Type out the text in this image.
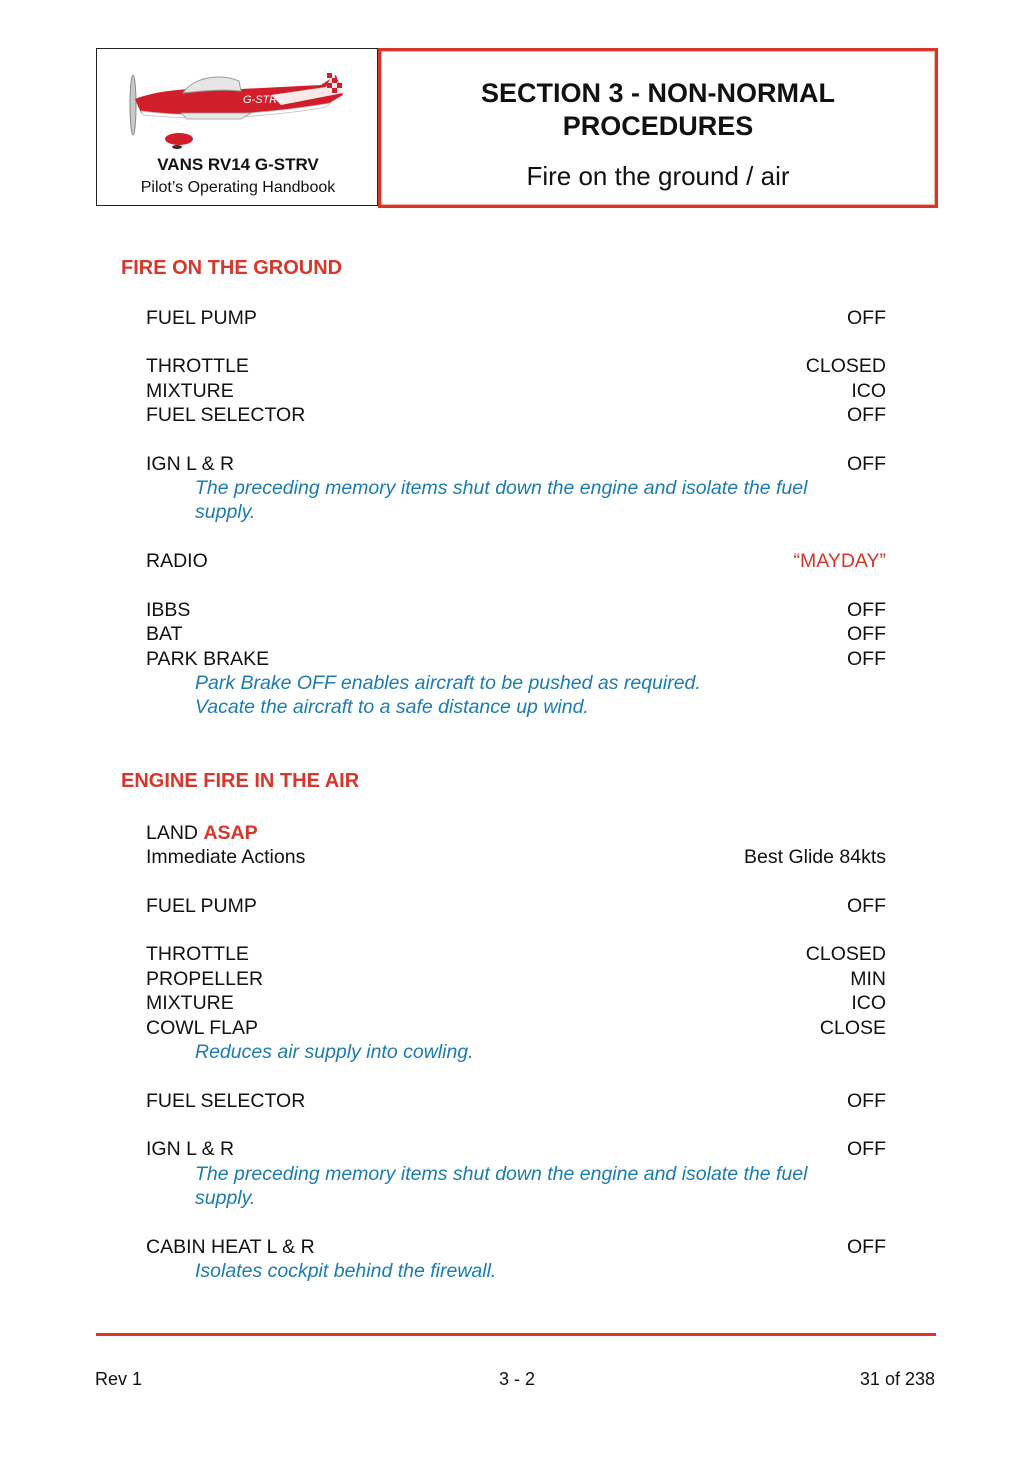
G-STRV
VANS RV14 G-STRV
Pilot’s Operating Handbook
SECTION 3 - NON-NORMAL PROCEDURES
Fire on the ground / air
FIRE ON THE GROUND
FUEL PUMP	OFF
THROTTLE	CLOSED
MIXTURE	ICO
FUEL SELECTOR	OFF
IGN L & R	OFF
The preceding memory items shut down the engine and isolate the fuel supply.
RADIO	“MAYDAY”
IBBS	OFF
BAT	OFF
PARK BRAKE	OFF
Park Brake OFF enables aircraft to be pushed as required.
Vacate the aircraft to a safe distance up wind.
ENGINE FIRE IN THE AIR
LAND ASAP
Immediate Actions	Best Glide 84kts
FUEL PUMP	OFF
THROTTLE	CLOSED
PROPELLER	MIN
MIXTURE	ICO
COWL FLAP	CLOSE
Reduces air supply into cowling.
FUEL SELECTOR	OFF
IGN L & R	OFF
The preceding memory items shut down the engine and isolate the fuel supply.
CABIN HEAT L & R	OFF
Isolates cockpit behind the firewall.
Rev 1	3 - 2	31 of 238
